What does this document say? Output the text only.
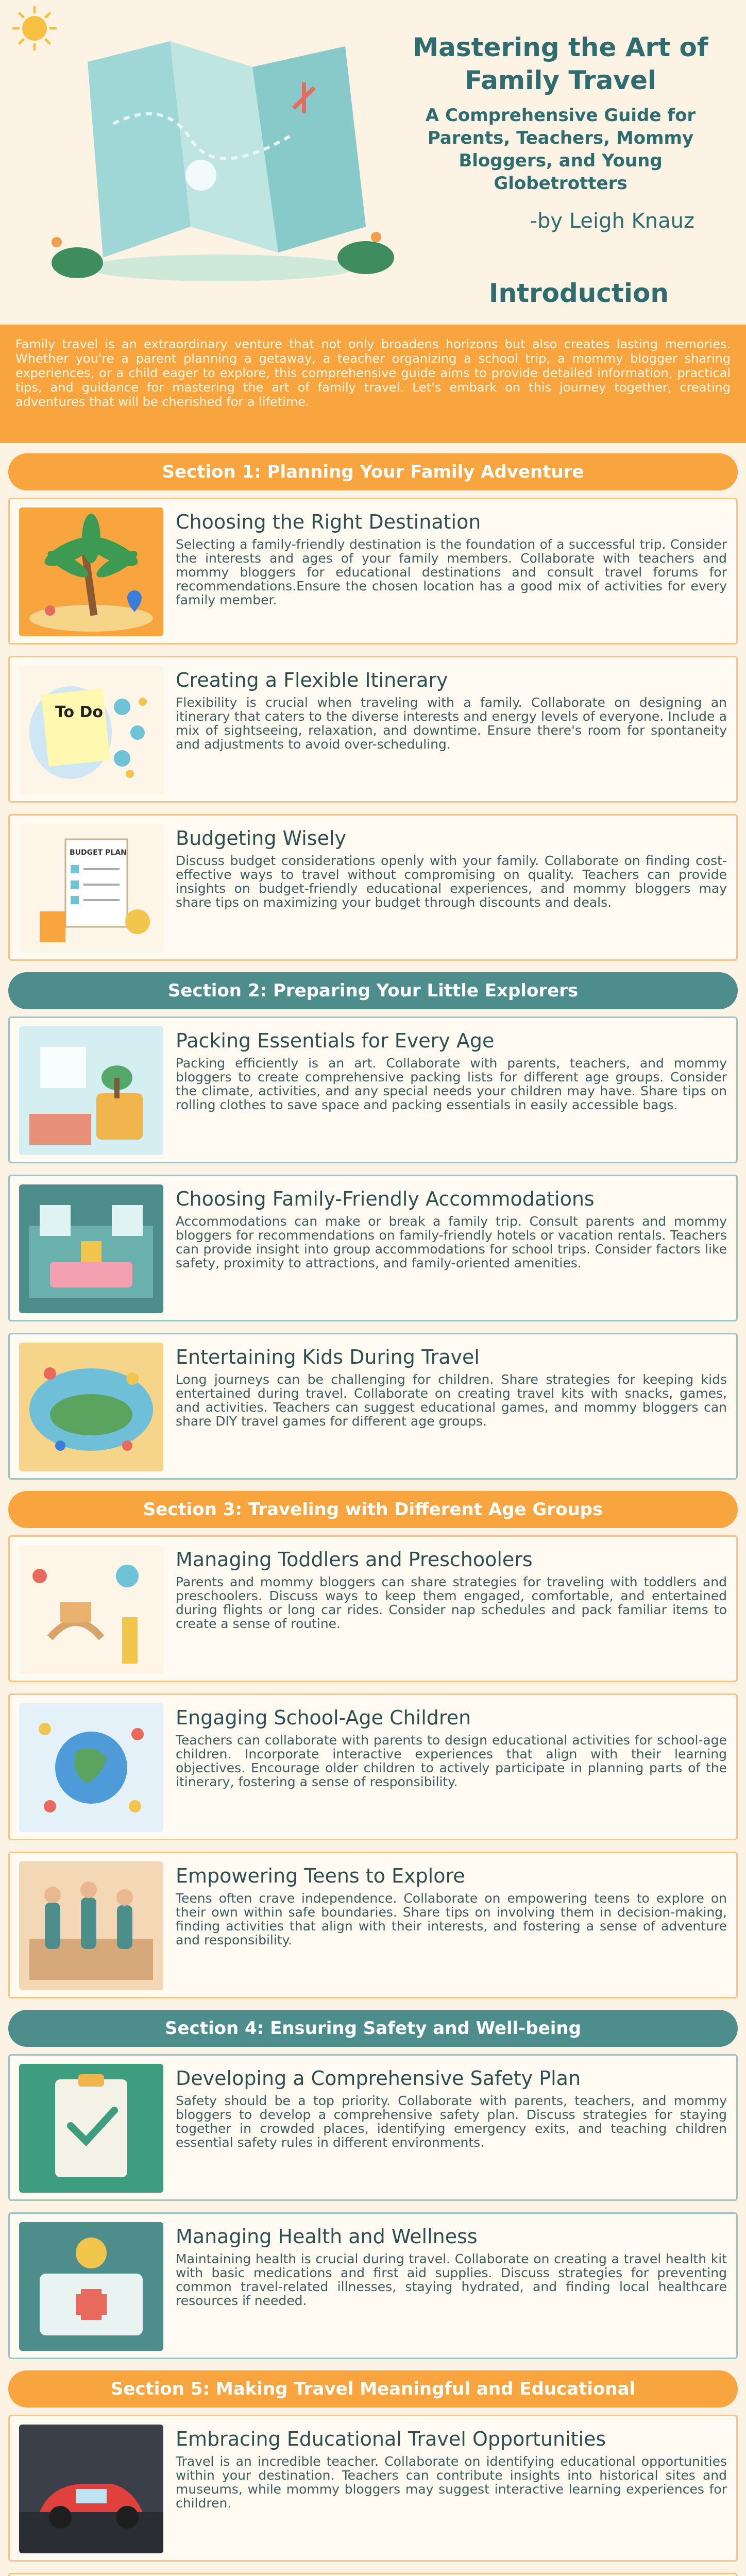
Mastering the Art of Family Travel
A Comprehensive Guide for Parents, Teachers, Mommy Bloggers, and Young Globetrotters
-by Leigh Knauz
Introduction
Family travel is an extraordinary venture that not only broadens horizons but also creates lasting memories. Whether you're a parent planning a getaway, a teacher organizing a school trip, a mommy blogger sharing experiences, or a child eager to explore, this comprehensive guide aims to provide detailed information, practical tips, and guidance for mastering the art of family travel. Let's embark on this journey together, creating adventures that will be cherished for a lifetime.
Section 1: Planning Your Family Adventure
Choosing the Right Destination
Selecting a family-friendly destination is the foundation of a successful trip. Consider the interests and ages of your family members. Collaborate with teachers and mommy bloggers for educational destinations and consult travel forums for recommendations.Ensure the chosen location has a good mix of activities for every family member.
To Do
Creating a Flexible Itinerary
Flexibility is crucial when traveling with a family. Collaborate on designing an itinerary that caters to the diverse interests and energy levels of everyone. Include a mix of sightseeing, relaxation, and downtime. Ensure there's room for spontaneity and adjustments to avoid over-scheduling.
BUDGET PLAN
Budgeting Wisely
Discuss budget considerations openly with your family. Collaborate on finding cost-effective ways to travel without compromising on quality. Teachers can provide insights on budget-friendly educational experiences, and mommy bloggers may share tips on maximizing your budget through discounts and deals.
Section 2: Preparing Your Little Explorers
Packing Essentials for Every Age
Packing efficiently is an art. Collaborate with parents, teachers, and mommy bloggers to create comprehensive packing lists for different age groups. Consider the climate, activities, and any special needs your children may have. Share tips on rolling clothes to save space and packing essentials in easily accessible bags.
Choosing Family-Friendly Accommodations
Accommodations can make or break a family trip. Consult parents and mommy bloggers for recommendations on family-friendly hotels or vacation rentals. Teachers can provide insight into group accommodations for school trips. Consider factors like safety, proximity to attractions, and family-oriented amenities.
Entertaining Kids During Travel
Long journeys can be challenging for children. Share strategies for keeping kids entertained during travel. Collaborate on creating travel kits with snacks, games, and activities. Teachers can suggest educational games, and mommy bloggers can share DIY travel games for different age groups.
Section 3: Traveling with Different Age Groups
Managing Toddlers and Preschoolers
Parents and mommy bloggers can share strategies for traveling with toddlers and preschoolers. Discuss ways to keep them engaged, comfortable, and entertained during flights or long car rides. Consider nap schedules and pack familiar items to create a sense of routine.
Engaging School-Age Children
Teachers can collaborate with parents to design educational activities for school-age children. Incorporate interactive experiences that align with their learning objectives. Encourage older children to actively participate in planning parts of the itinerary, fostering a sense of responsibility.
Empowering Teens to Explore
Teens often crave independence. Collaborate on empowering teens to explore on their own within safe boundaries. Share tips on involving them in decision-making, finding activities that align with their interests, and fostering a sense of adventure and responsibility.
Section 4: Ensuring Safety and Well-being
Developing a Comprehensive Safety Plan
Safety should be a top priority. Collaborate with parents, teachers, and mommy bloggers to develop a comprehensive safety plan. Discuss strategies for staying together in crowded places, identifying emergency exits, and teaching children essential safety rules in different environments.
Managing Health and Wellness
Maintaining health is crucial during travel. Collaborate on creating a travel health kit with basic medications and first aid supplies. Discuss strategies for preventing common travel-related illnesses, staying hydrated, and finding local healthcare resources if needed.
Section 5: Making Travel Meaningful and Educational
Embracing Educational Travel Opportunities
Travel is an incredible teacher. Collaborate on identifying educational opportunities within your destination. Teachers can contribute insights into historical sites and museums, while mommy bloggers may suggest interactive learning experiences for children.
